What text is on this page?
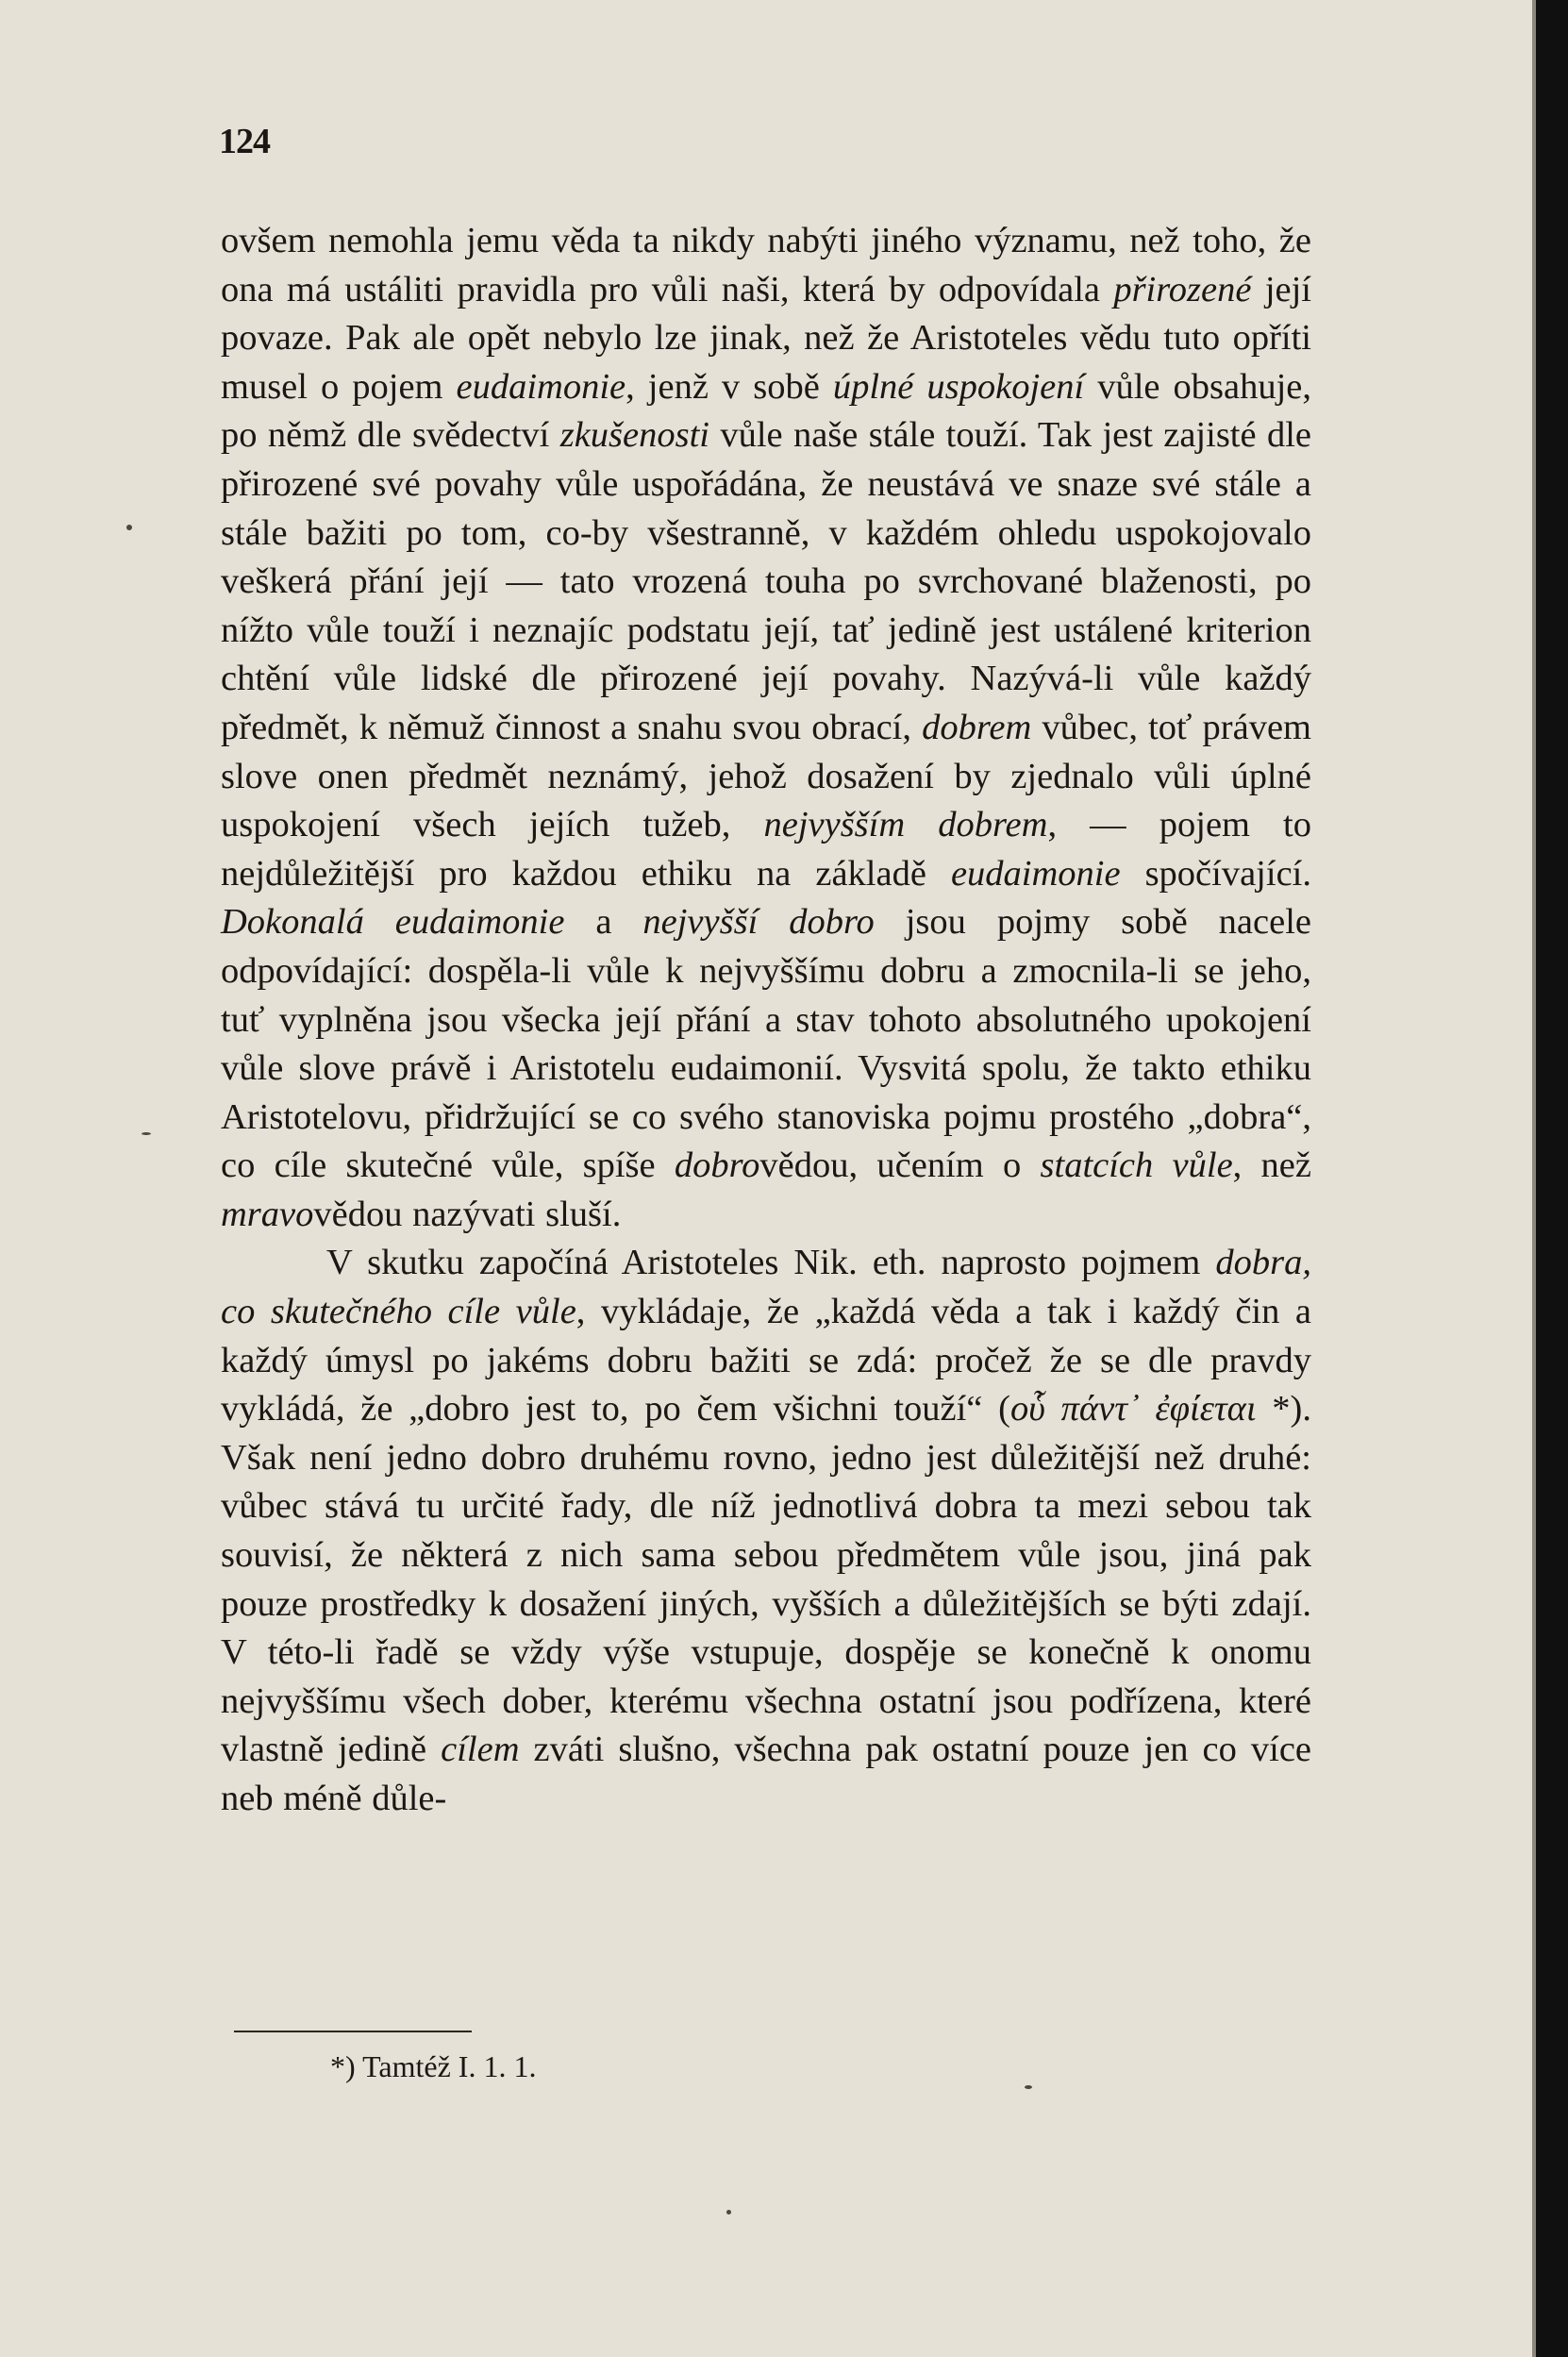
124

ovšem nemohla jemu věda ta nikdy nabýti jiného významu, než toho, že ona má ustáliti pravidla pro vůli naši, která by odpovídala přirozené její povaze. Pak ale opět nebylo lze jinak, než že Aristoteles vědu tuto opříti musel o pojem eudaimonie, jenž v sobě úplné uspokojení vůle obsahuje, po němž dle svědectví zkušenosti vůle naše stále touží. Tak jest zajisté dle přirozené své povahy vůle uspořádána, že neustává ve snaze své stále a stále bažiti po tom, co-by všestranně, v každém ohledu uspokojovalo veškerá přání její — tato vrozená touha po svrchované blaženosti, po nížto vůle touží i neznajíc podstatu její, tať jedině jest ustálené kriterion chtění vůle lidské dle přirozené její povahy. Nazývá-li vůle každý předmět, k němuž činnost a snahu svou obrací, dobrem vůbec, toť právem slove onen předmět neznámý, jehož dosažení by zjednalo vůli úplné uspokojení všech jejích tužeb, nejvyšším dobrem, — pojem to nejdůležitější pro každou ethiku na základě eudaimonie spočívající. Dokonalá eudaimonie a nejvyšší dobro jsou pojmy sobě nacele odpovídající: dospěla-li vůle k nejvyššímu dobru a zmocnila-li se jeho, tuť vyplněna jsou všecka její přání a stav tohoto absolutného upokojení vůle slove právě i Aristotelu eudaimonií. Vysvitá spolu, že takto ethiku Aristotelovu, přidržující se co svého stanoviska pojmu prostého „dobra“, co cíle skutečné vůle, spíše dobrovědou, učením o statcích vůle, než mravovědou nazývati sluší.

V skutku započíná Aristoteles Nik. eth. naprosto pojmem dobra, co skutečného cíle vůle, vykládaje, že „každá věda a tak i každý čin a každý úmysl po jakéms dobru bažiti se zdá: pročež že se dle pravdy vykládá, že „dobro jest to, po čem všichni touží“ (οὗ πάντ᾽ ἐφίεται *). Však není jedno dobro druhému rovno, jedno jest důležitější než druhé: vůbec stává tu určité řady, dle níž jednotlivá dobra ta mezi sebou tak souvisí, že některá z nich sama sebou předmětem vůle jsou, jiná pak pouze prostředky k dosažení jiných, vyšších a důležitějších se býti zdají. V této-li řadě se vždy výše vstupuje, dospěje se konečně k onomu nejvyššímu všech dober, kterému všechna ostatní jsou podřízena, které vlastně jedině cílem zváti slušno, všechna pak ostatní pouze jen co více neb méně důle-

*) Tamtéž I. 1. 1.
